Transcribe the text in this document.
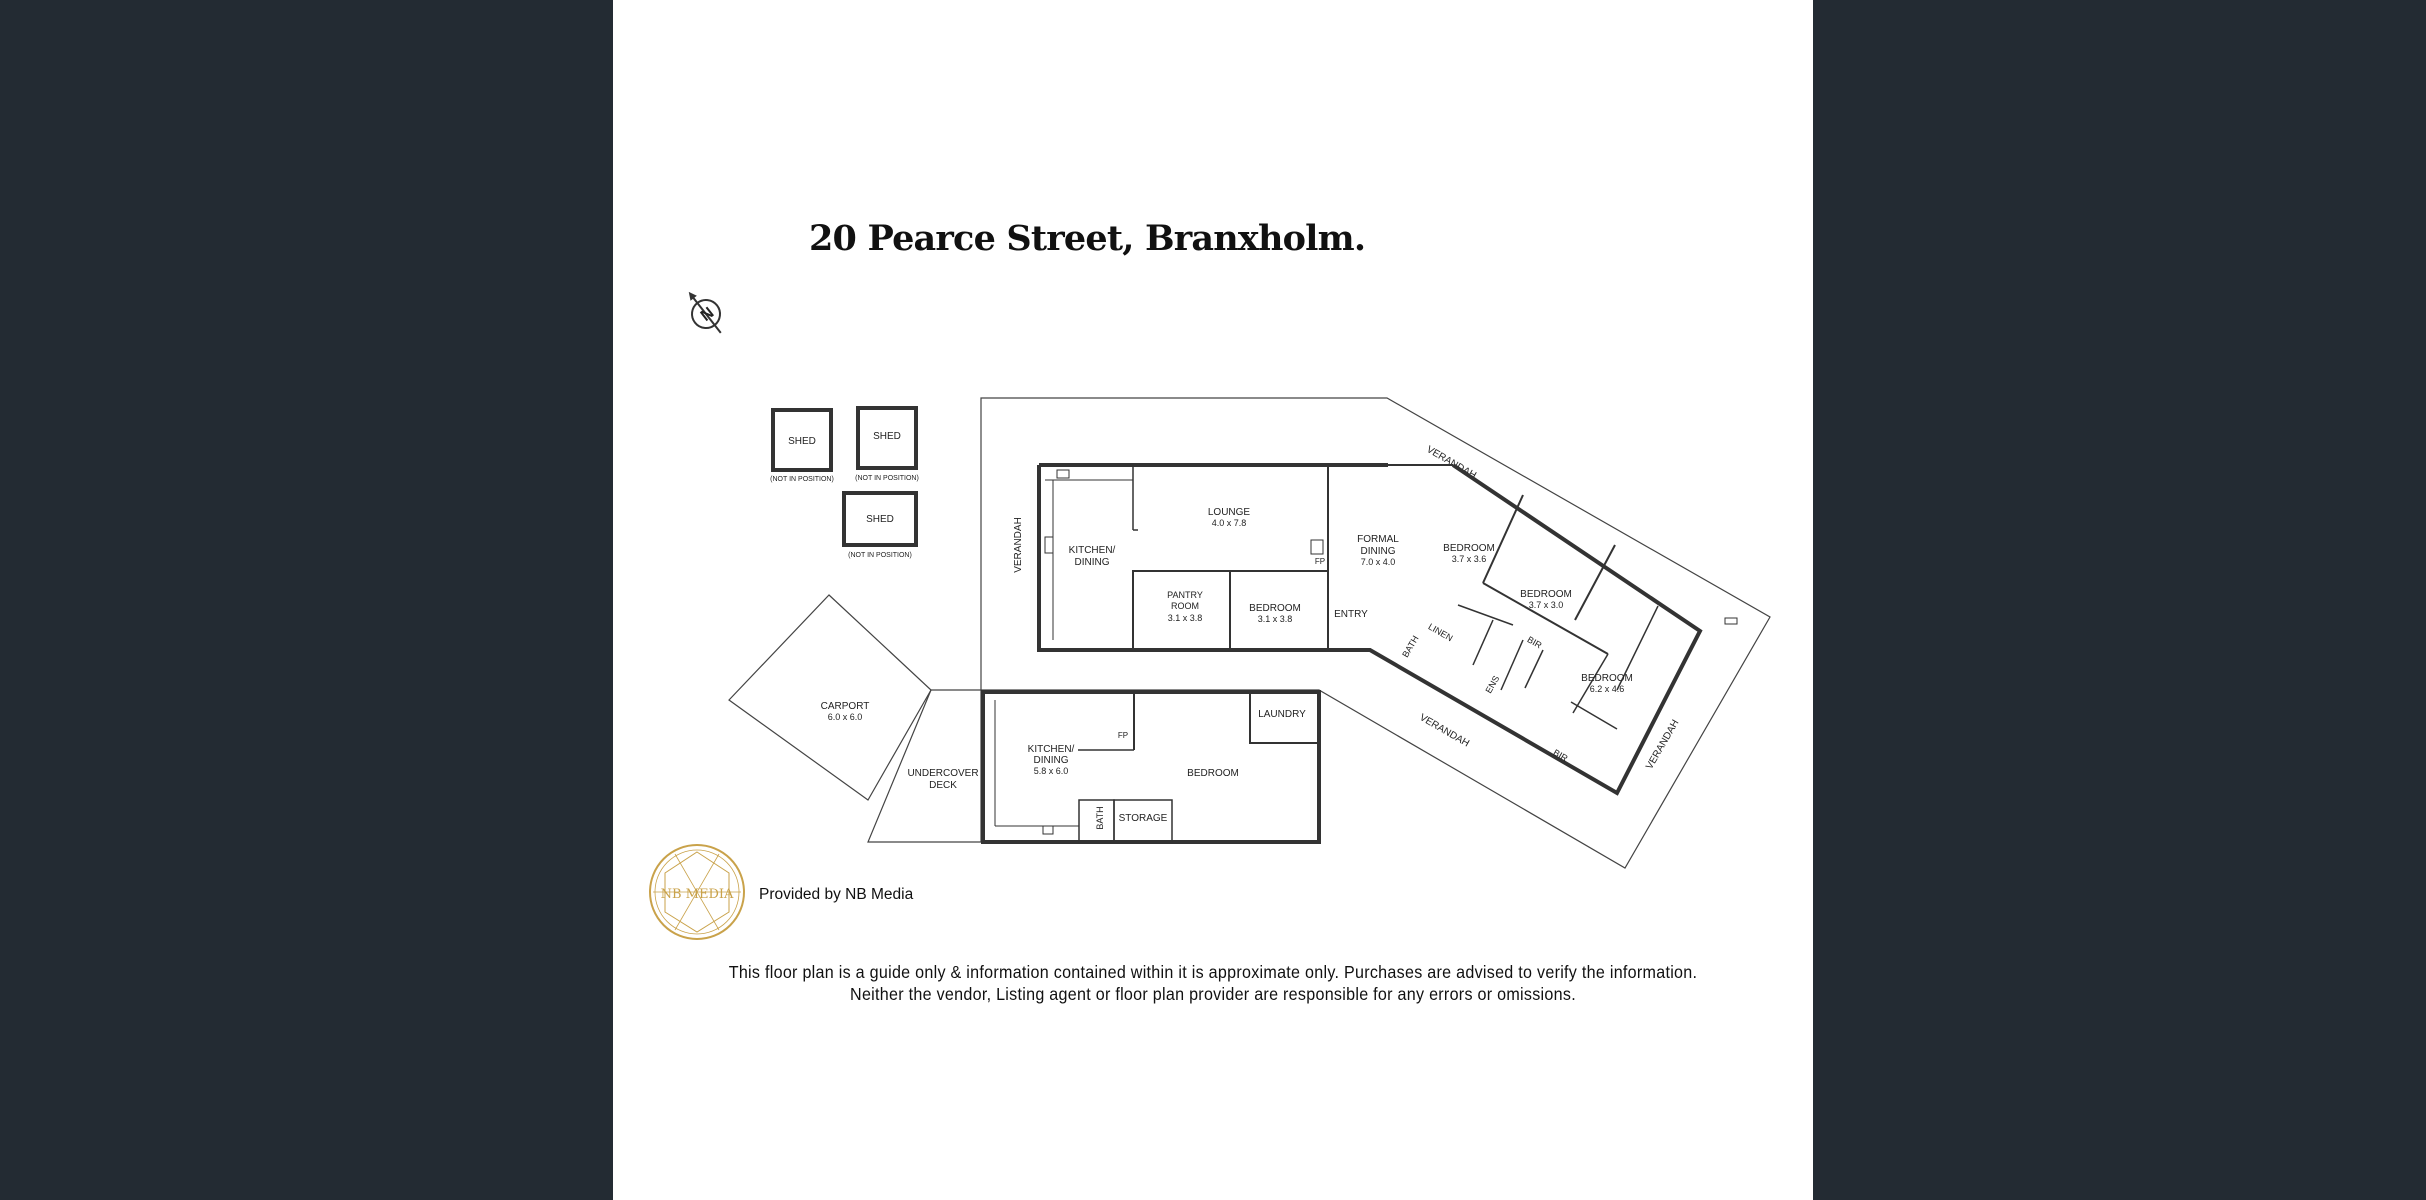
20 Pearce Street, Branxholm.
N
SHED
(NOT IN POSITION)
SHED
(NOT IN POSITION)
SHED
(NOT IN POSITION)
CARPORT
6.0 x 6.0
UNDERCOVER
DECK
VERANDAH
VERANDAH
VERANDAH	VERANDAH
KITCHEN/
DINING
LOUNGE
4.0 x 7.8
PANTRY
ROOM
3.1 x 3.8
BEDROOM
3.1 x 3.8
FP
FORMAL
DINING
7.0 x 4.0
ENTRY
BEDROOM
3.7 x 3.6
BEDROOM
3.7 x 3.0
BEDROOM
6.2 x 4.6
BIR
BIR
LINEN
BATH
ENS
KITCHEN/
DINING
5.8 x 6.0
FP
BEDROOM
LAUNDRY
STORAGE
BATH
NB MEDIA Provided by NB Media
This floor plan is a guide only & information contained within it is approximate only. Purchases are advised to verify the information.
Neither the vendor, Listing agent or floor plan provider are responsible for any errors or omissions.
